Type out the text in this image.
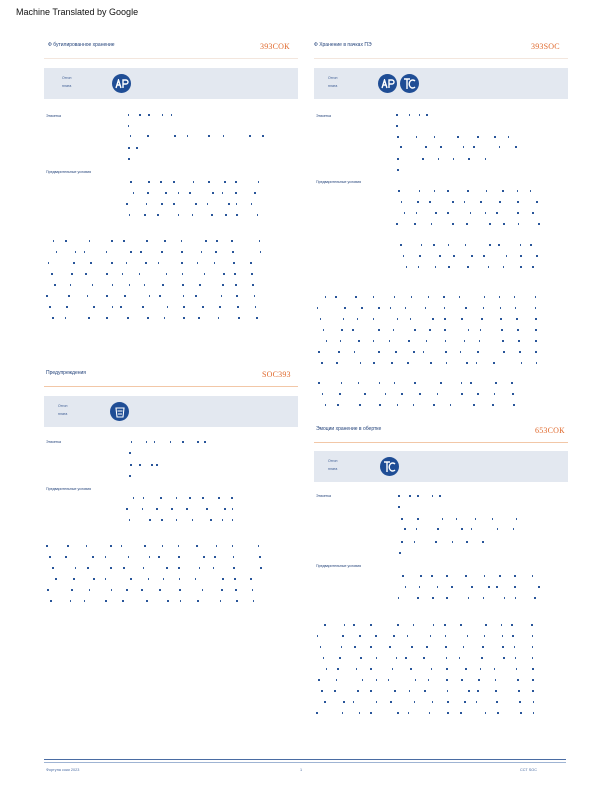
Machine Translated by Google
Ф бутилированное хранение	393СОК
Отгон
плата
Этикетка
Предварительные условия
Ф Хранение в пачках ПЭ	393SOC
Отгон
плата
Этикетка
Предварительные условия
Предупреждения	SOC393
Отгон
плата
Этикетка
Предварительные условия
Эмоции хранение в обертке	653СОК
Отгон
плата
Этикетка
Предварительные условия
Фортуна соки 2023	1	ССТ SOC
